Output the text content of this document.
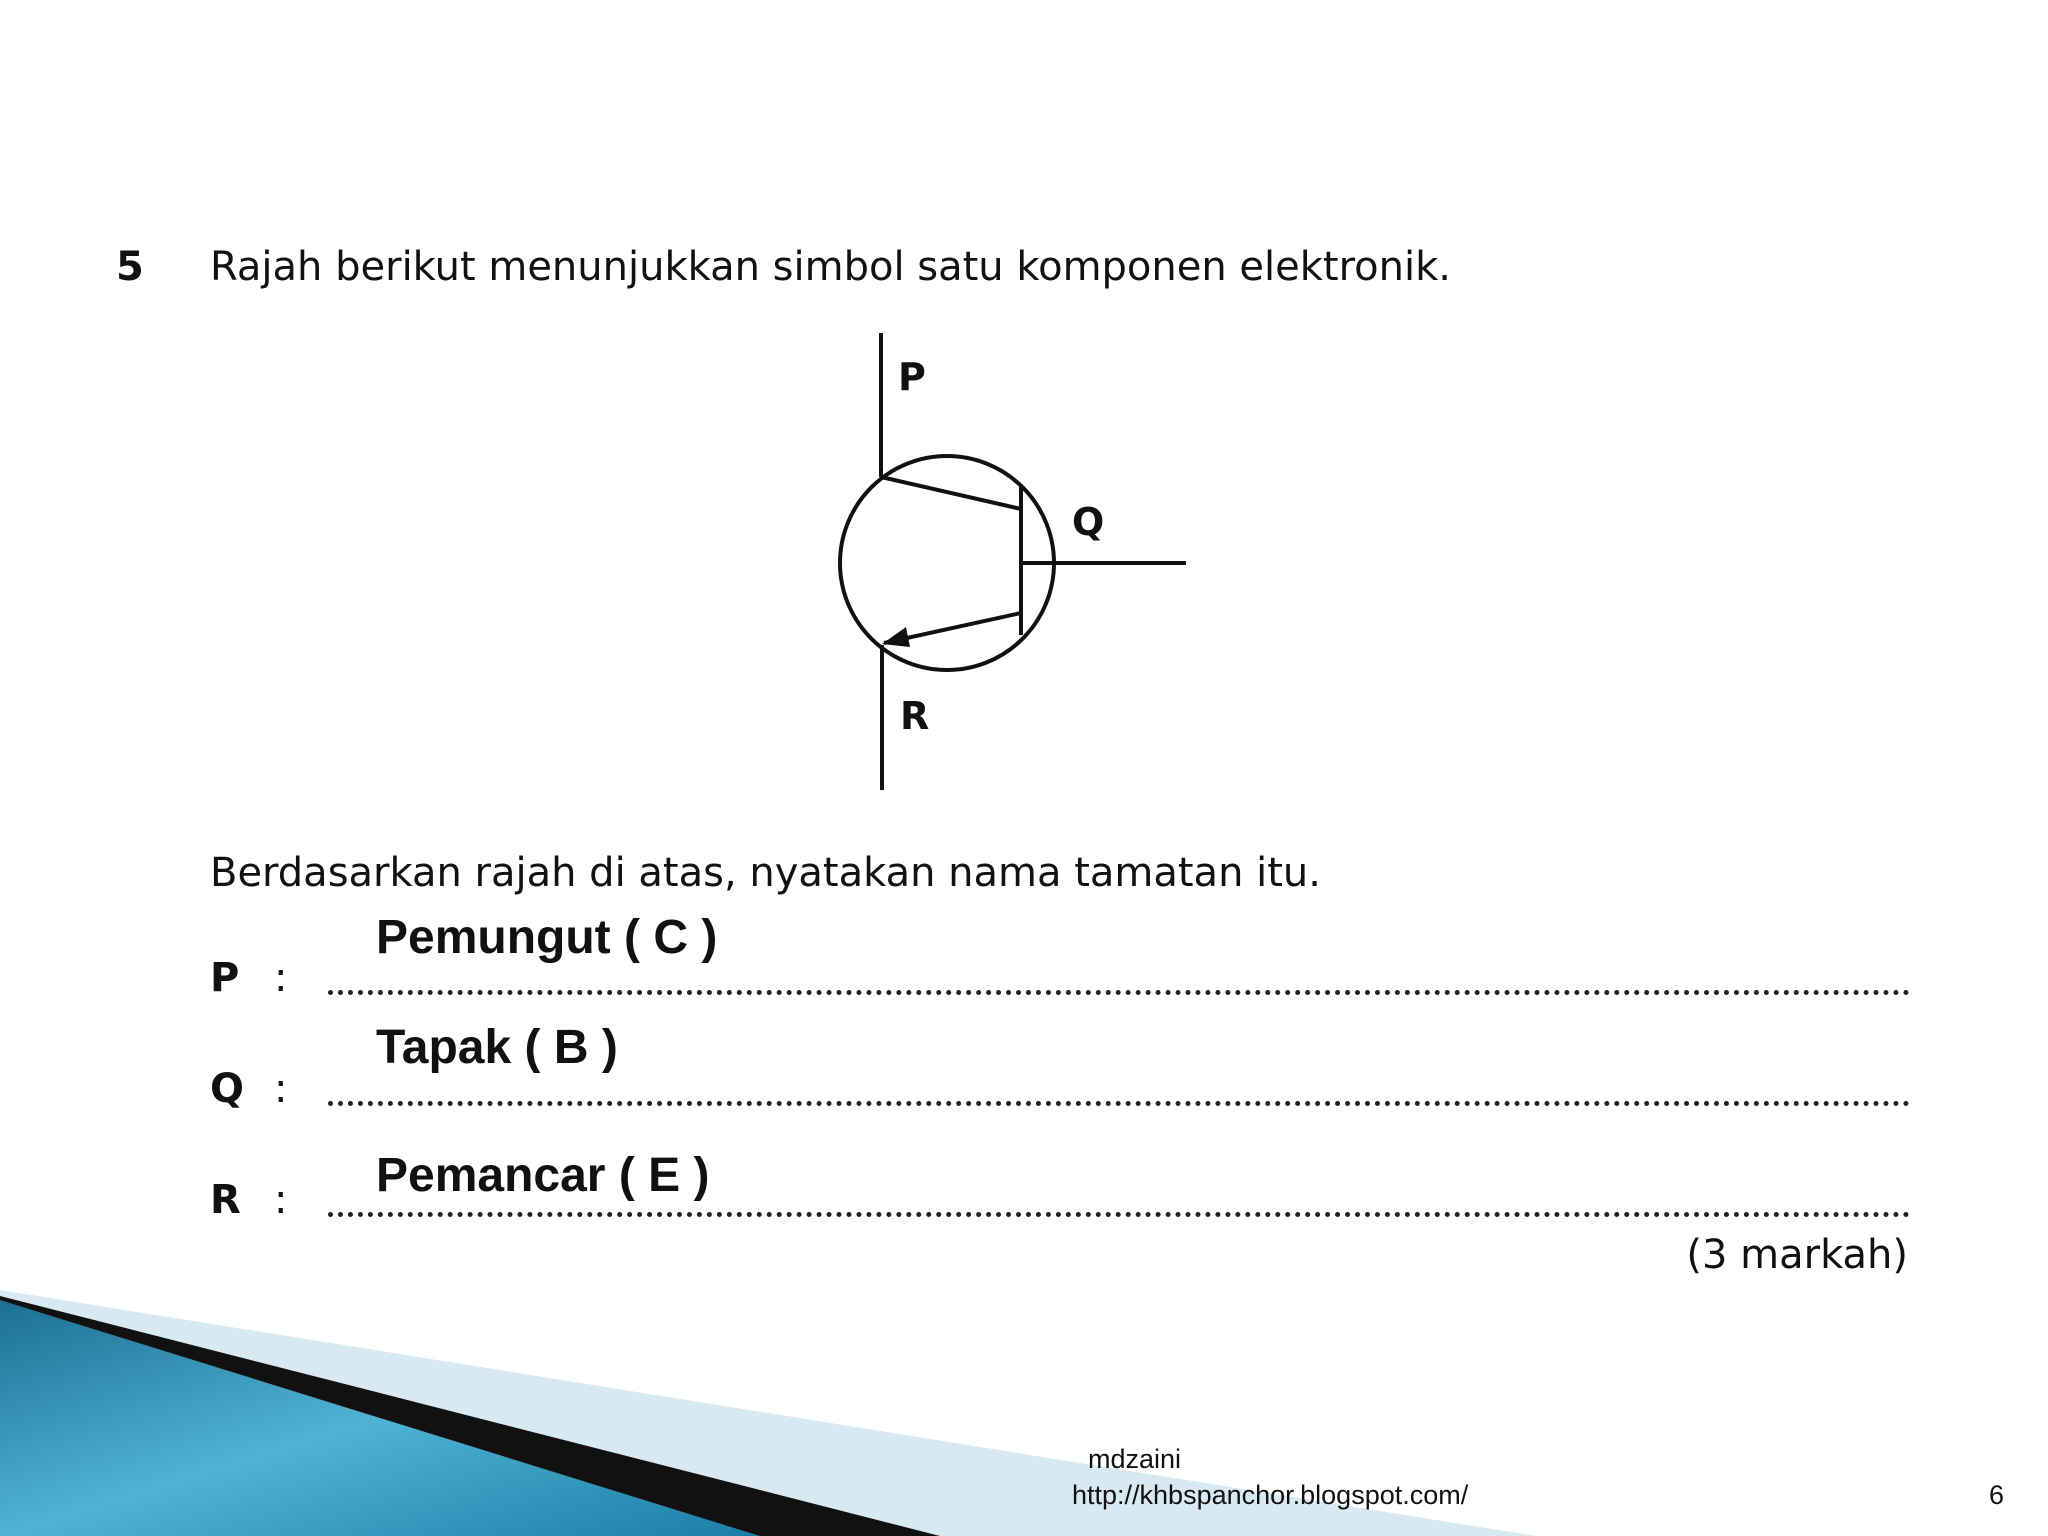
5 Rajah berikut menunjukkan simbol satu komponen elektronik.
P
Q
R
Berdasarkan rajah di atas, nyatakan nama tamatan itu.
Pemungut ( C )
P :
Tapak ( B )
Q :
Pemancar ( E )
R :
(3 markah)
mdzaini
http://khbspanchor.blogspot.com/	6
